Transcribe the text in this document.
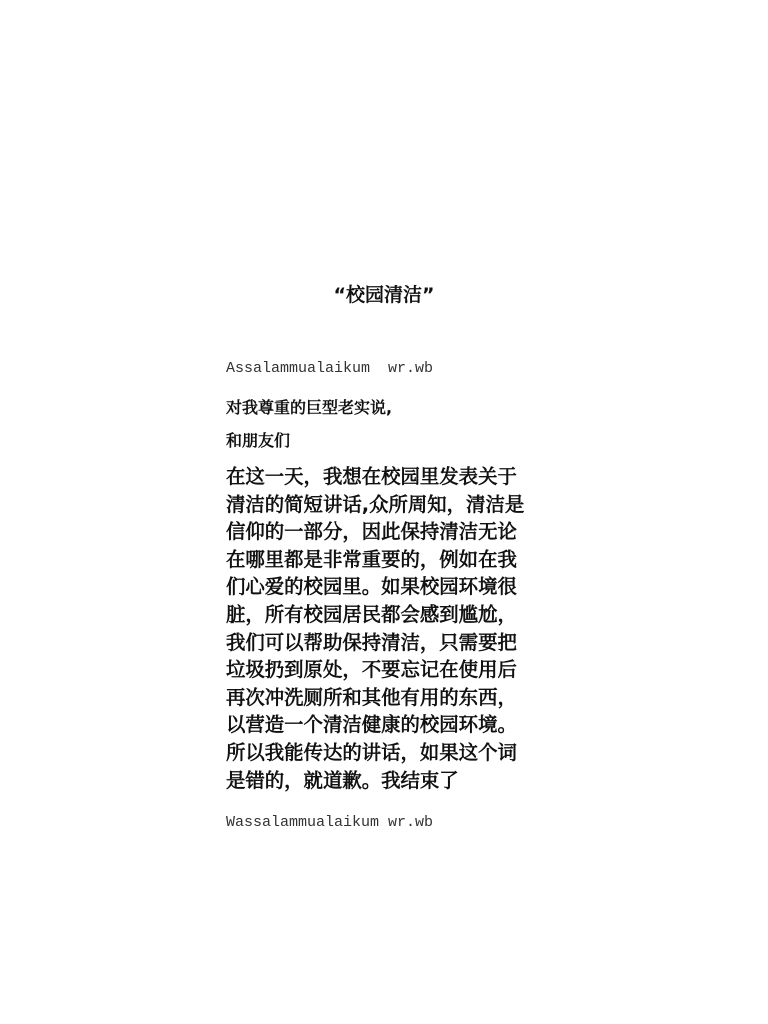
“校园清洁”
Assalammualaikum  wr.wb
对我尊重的巨型老实说,
和朋友们
在这一天，我想在校园里发表关于
清洁的简短讲话,众所周知，清洁是
信仰的一部分，因此保持清洁无论
在哪里都是非常重要的，例如在我
们心爱的校园里。如果校园环境很
脏，所有校园居民都会感到尴尬，
我们可以帮助保持清洁，只需要把
垃圾扔到原处，不要忘记在使用后
再次冲洗厕所和其他有用的东西，
以营造一个清洁健康的校园环境。
所以我能传达的讲话，如果这个词
是错的，就道歉。我结束了
Wassalammualaikum wr.wb
